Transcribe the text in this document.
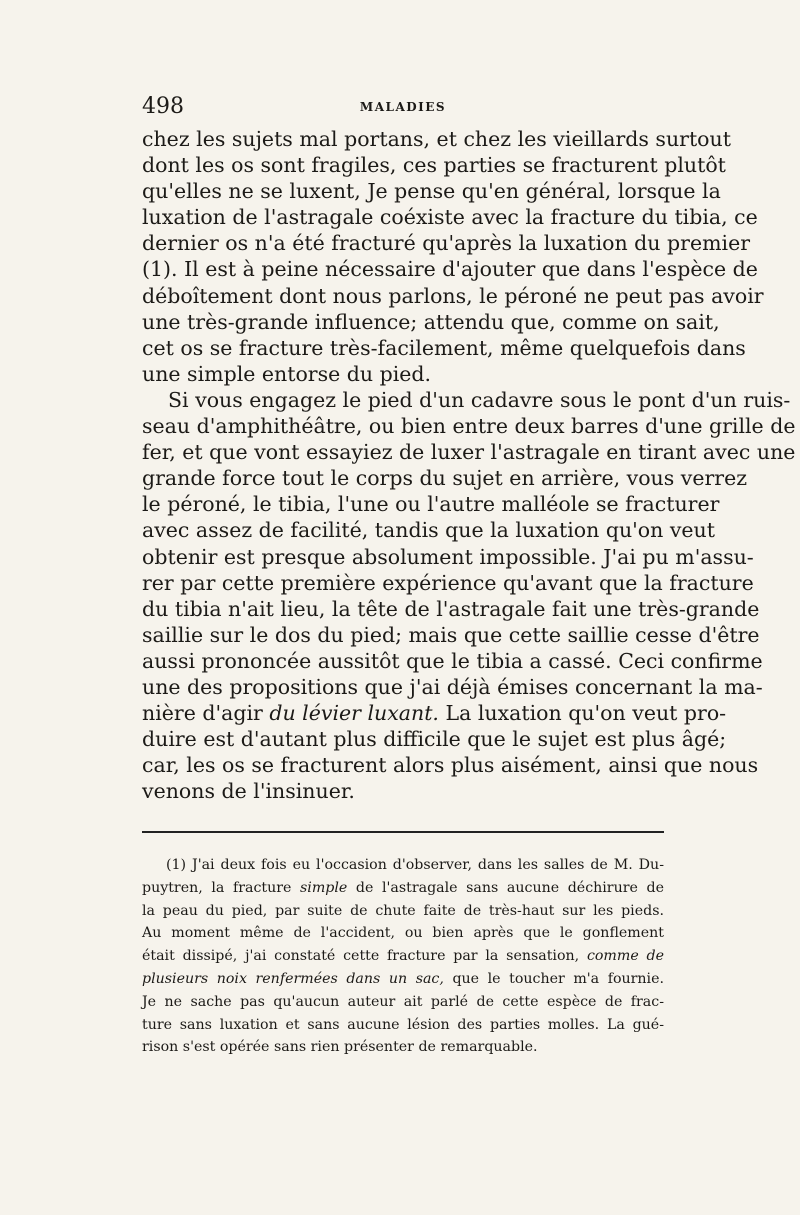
498	MALADIES

chez les sujets mal portans, et chez les vieillards surtout
dont les os sont fragiles, ces parties se fracturent plutôt
qu'elles ne se luxent, Je pense qu'en général, lorsque la
luxation de l'astragale coéxiste avec la fracture du tibia, ce
dernier os n'a été fracturé qu'après la luxation du premier
(1). Il est à peine nécessaire d'ajouter que dans l'espèce de
déboîtement dont nous parlons, le péroné ne peut pas avoir
une très-grande influence; attendu que, comme on sait,
cet os se fracture très-facilement, même quelquefois dans
une simple entorse du pied.

Si vous engagez le pied d'un cadavre sous le pont d'un ruis-
seau d'amphithéâtre, ou bien entre deux barres d'une grille de
fer, et que vont essayiez de luxer l'astragale en tirant avec une
grande force tout le corps du sujet en arrière, vous verrez
le péroné, le tibia, l'une ou l'autre malléole se fracturer
avec assez de facilité, tandis que la luxation qu'on veut
obtenir est presque absolument impossible. J'ai pu m'assu-
rer par cette première expérience qu'avant que la fracture
du tibia n'ait lieu, la tête de l'astragale fait une très-grande
saillie sur le dos du pied; mais que cette saillie cesse d'être
aussi prononcée aussitôt que le tibia a cassé. Ceci confirme
une des propositions que j'ai déjà émises concernant la ma-
nière d'agir du lévier luxant. La luxation qu'on veut pro-
duire est d'autant plus difficile que le sujet est plus âgé;
car, les os se fracturent alors plus aisément, ainsi que nous
venons de l'insinuer.

(1) J'ai deux fois eu l'occasion d'observer, dans les salles de M. Du-
puytren, la fracture simple de l'astragale sans aucune déchirure de
la peau du pied, par suite de chute faite de très-haut sur les pieds.
Au moment même de l'accident, ou bien après que le gonflement
était dissipé, j'ai constaté cette fracture par la sensation, comme de
plusieurs noix renfermées dans un sac, que le toucher m'a fournie.
Je ne sache pas qu'aucun auteur ait parlé de cette espèce de frac-
ture sans luxation et sans aucune lésion des parties molles. La gué-
rison s'est opérée sans rien présenter de remarquable.
